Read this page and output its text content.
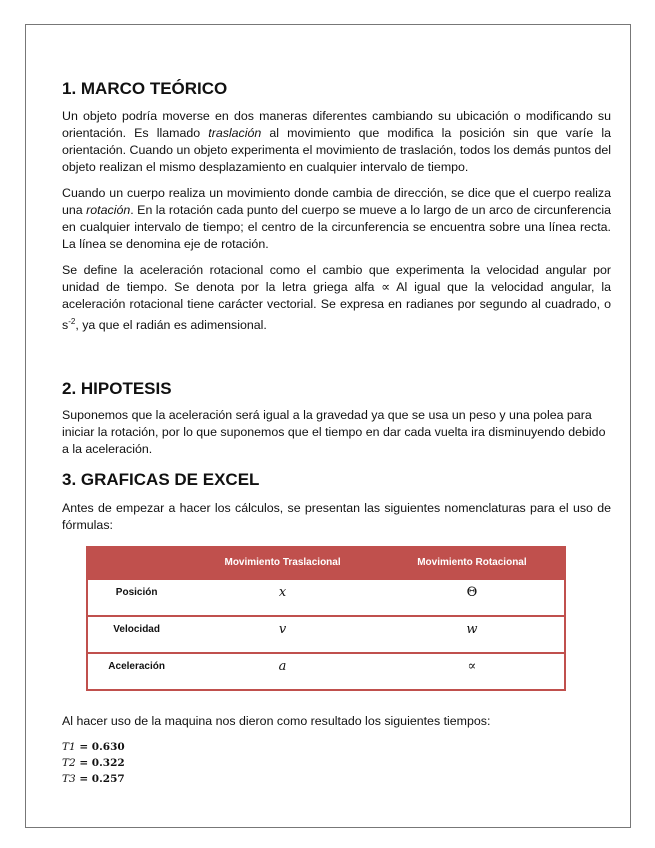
1. MARCO TEÓRICO

Un objeto podría moverse en dos maneras diferentes cambiando su ubicación o modificando su orientación. Es llamado traslación al movimiento que modifica la posición sin que varíe la orientación. Cuando un objeto experimenta el movimiento de traslación, todos los demás puntos del objeto realizan el mismo desplazamiento en cualquier intervalo de tiempo.

Cuando un cuerpo realiza un movimiento donde cambia de dirección, se dice que el cuerpo realiza una rotación. En la rotación cada punto del cuerpo se mueve a lo largo de un arco de circunferencia en cualquier intervalo de tiempo; el centro de la circunferencia se encuentra sobre una línea recta. La línea se denomina eje de rotación.

Se define la aceleración rotacional como el cambio que experimenta la velocidad angular por unidad de tiempo. Se denota por la letra griega alfa ∝ Al igual que la velocidad angular, la aceleración rotacional tiene carácter vectorial. Se expresa en radianes por segundo al cuadrado, o $s^{-2}$, ya que el radián es adimensional.

2. HIPOTESIS

Suponemos que la aceleración será igual a la gravedad ya que se usa un peso y una polea para iniciar la rotación, por lo que suponemos que el tiempo en dar cada vuelta ira disminuyendo debido a la aceleración.

3. GRAFICAS DE EXCEL

Antes de empezar a hacer los cálculos, se presentan las siguientes nomenclaturas para el uso de fórmulas:

	Movimiento Traslacional	Movimiento Rotacional
Posición	x	Θ
Velocidad	v	w
Aceleración	a	∝

Al hacer uso de la maquina nos dieron como resultado los siguientes tiempos:

T1 = 0.630
T2 = 0.322
T3 = 0.257
